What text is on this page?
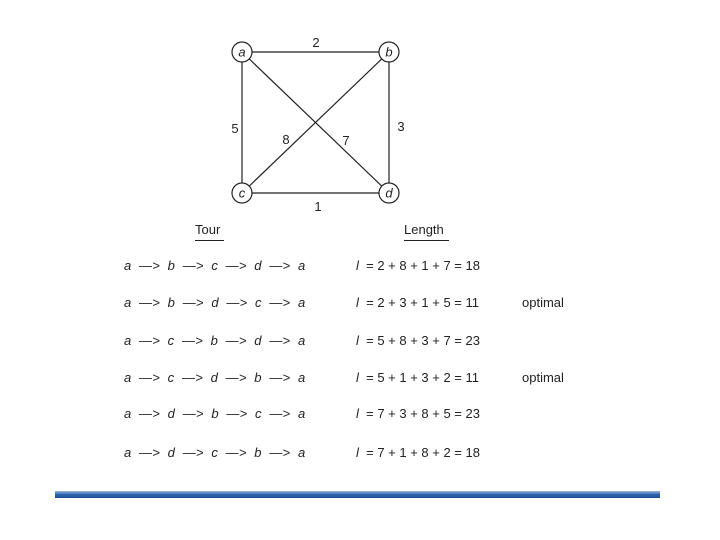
2
5	3
1
8	7
a	b
c	d
Tour	Length
a  —>  b  —>  c  —>  d  —>  a	l  = 2 + 8 + 1 + 7 = 18
a  —>  b  —>  d  —>  c  —>  a	l  = 2 + 3 + 1 + 5 = 11	optimal
a  —>  c  —>  b  —>  d  —>  a	l  = 5 + 8 + 3 + 7 = 23
a  —>  c  —>  d  —>  b  —>  a	l  = 5 + 1 + 3 + 2 = 11	optimal
a  —>  d  —>  b  —>  c  —>  a	l  = 7 + 3 + 8 + 5 = 23
a  —>  d  —>  c  —>  b  —>  a	l  = 7 + 1 + 8 + 2 = 18
